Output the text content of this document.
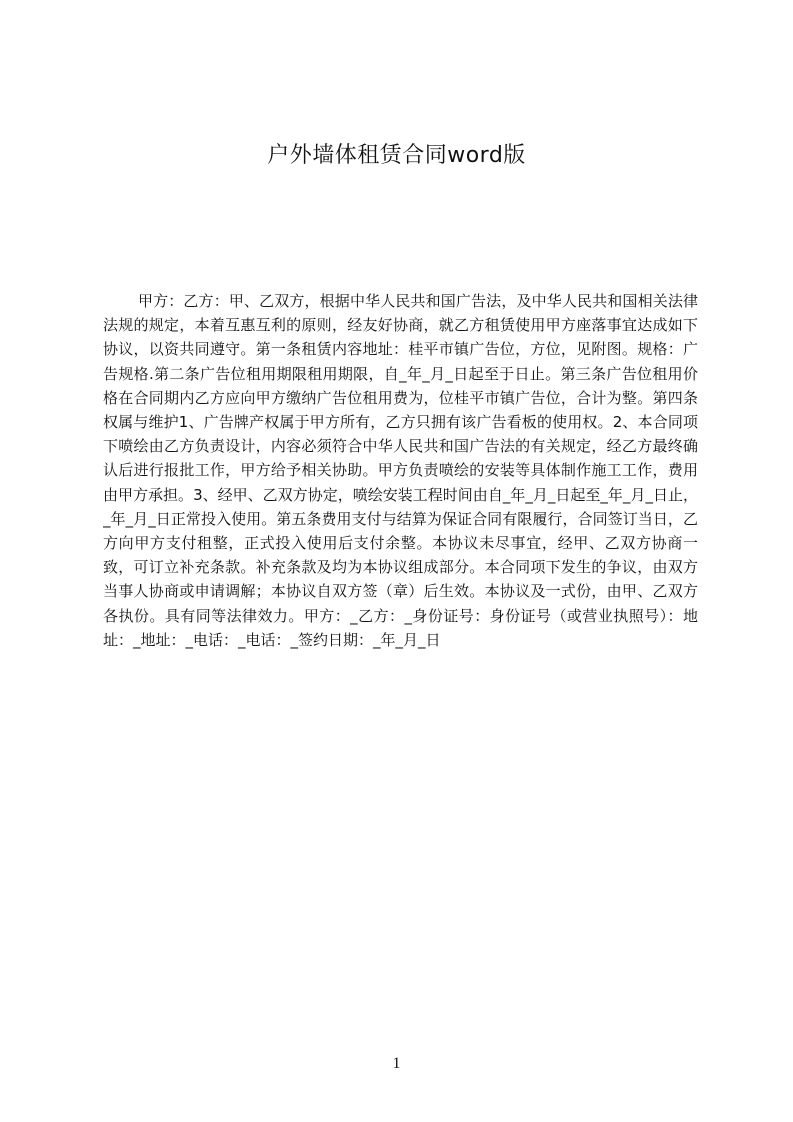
户外墙体租赁合同word版

甲方：乙方：甲、乙双方，根据中华人民共和国广告法，及中华人民共和国相关法律法规的规定，本着互惠互利的原则，经友好协商，就乙方租赁使用甲方座落事宜达成如下协议，以资共同遵守。第一条租赁内容地址：桂平市镇广告位，方位，见附图。规格：广告规格.第二条广告位租用期限租用期限，自_年_月_日起至于日止。第三条广告位租用价格在合同期内乙方应向甲方缴纳广告位租用费为，位桂平市镇广告位，合计为整。第四条权属与维护1、广告牌产权属于甲方所有，乙方只拥有该广告看板的使用权。2、本合同项下喷绘由乙方负责设计，内容必须符合中华人民共和国广告法的有关规定，经乙方最终确认后进行报批工作，甲方给予相关协助。甲方负责喷绘的安装等具体制作施工工作，费用由甲方承担。3、经甲、乙双方协定，喷绘安装工程时间由自_年_月_日起至_年_月_日止，_年_月_日正常投入使用。第五条费用支付与结算为保证合同有限履行，合同签订当日，乙方向甲方支付租整，正式投入使用后支付余整。本协议未尽事宜，经甲、乙双方协商一致，可订立补充条款。补充条款及均为本协议组成部分。本合同项下发生的争议，由双方当事人协商或申请调解；本协议自双方签（章）后生效。本协议及一式份，由甲、乙双方各执份。具有同等法律效力。甲方：_乙方：_身份证号：身份证号（或营业执照号）：地址：_地址：_电话：_电话：_签约日期：_年_月_日

1
